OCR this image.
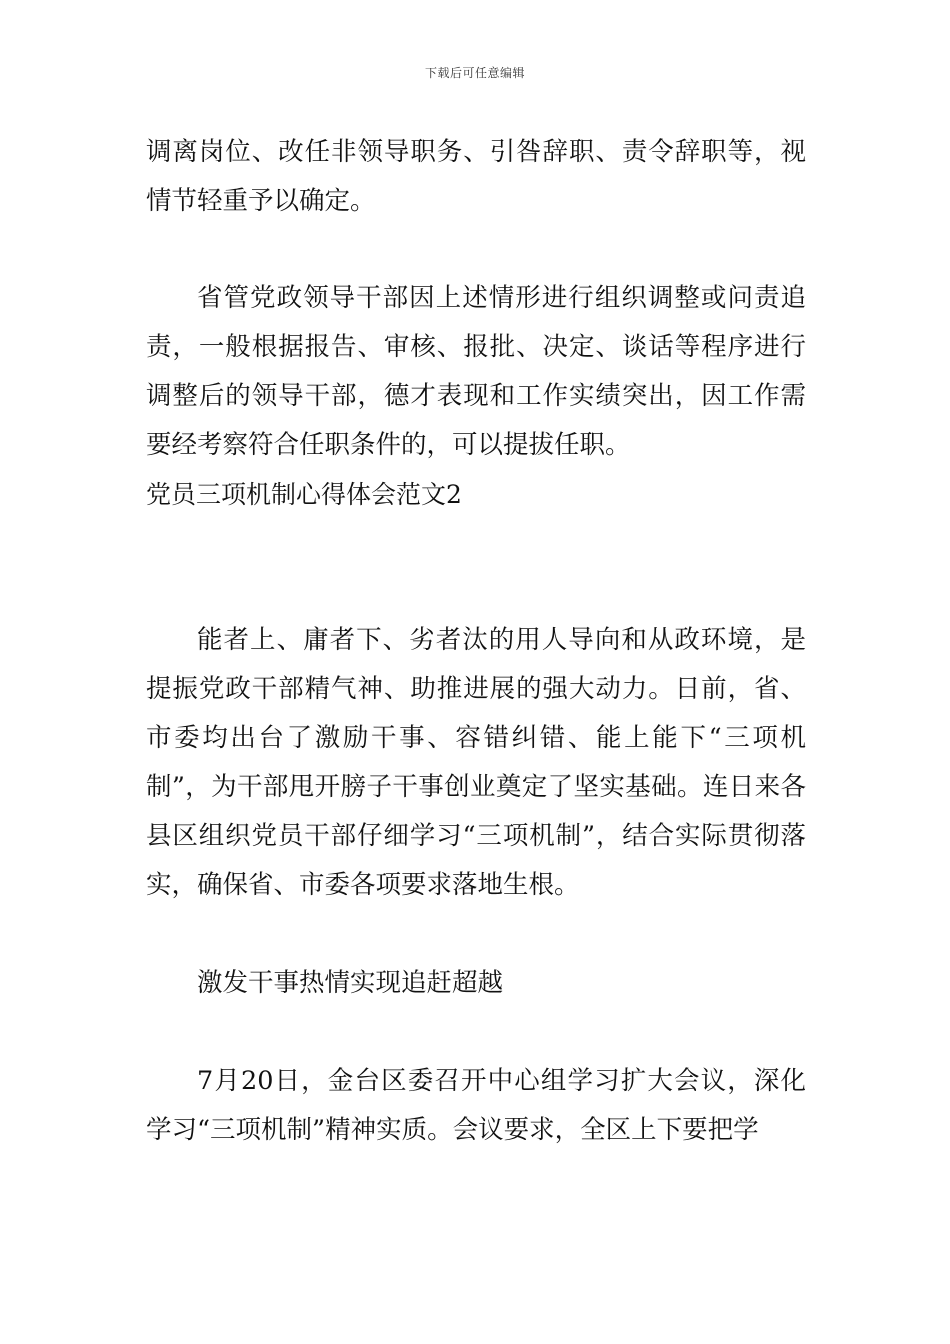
下载后可任意编辑

调离岗位、改任非领导职务、引咎辞职、责令辞职等，视情节轻重予以确定。

省管党政领导干部因上述情形进行组织调整或问责追责，一般根据报告、审核、报批、决定、谈话等程序进行调整后的领导干部，德才表现和工作实绩突出，因工作需要经考察符合任职条件的，可以提拔任职。

党员三项机制心得体会范文2

能者上、庸者下、劣者汰的用人导向和从政环境，是提振党政干部精气神、助推进展的强大动力。日前，省、市委均出台了激励干事、容错纠错、能上能下“三项机制”，为干部甩开膀子干事创业奠定了坚实基础。连日来各县区组织党员干部仔细学习“三项机制”，结合实际贯彻落实，确保省、市委各项要求落地生根。

激发干事热情实现追赶超越

7月20日，金台区委召开中心组学习扩大会议，深化学习“三项机制”精神实质。会议要求，全区上下要把学
